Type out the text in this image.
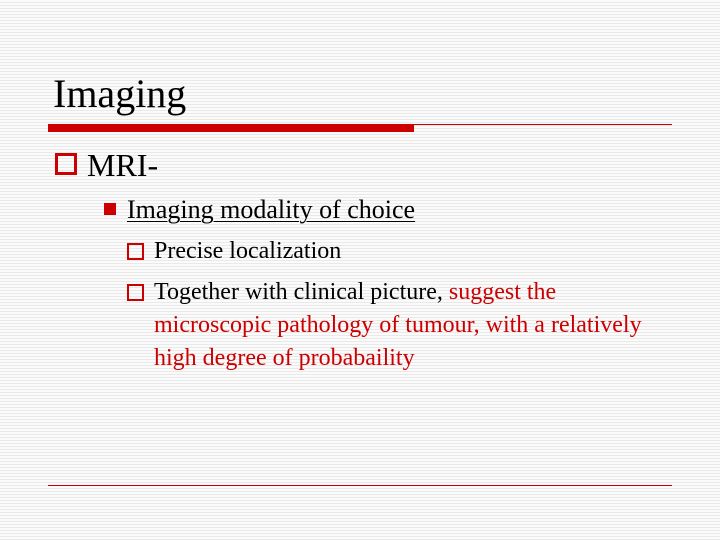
Imaging
MRI-
Imaging modality of choice
Precise localization
Together with clinical picture, suggest the microscopic pathology of tumour, with a relatively high degree of probabaility
